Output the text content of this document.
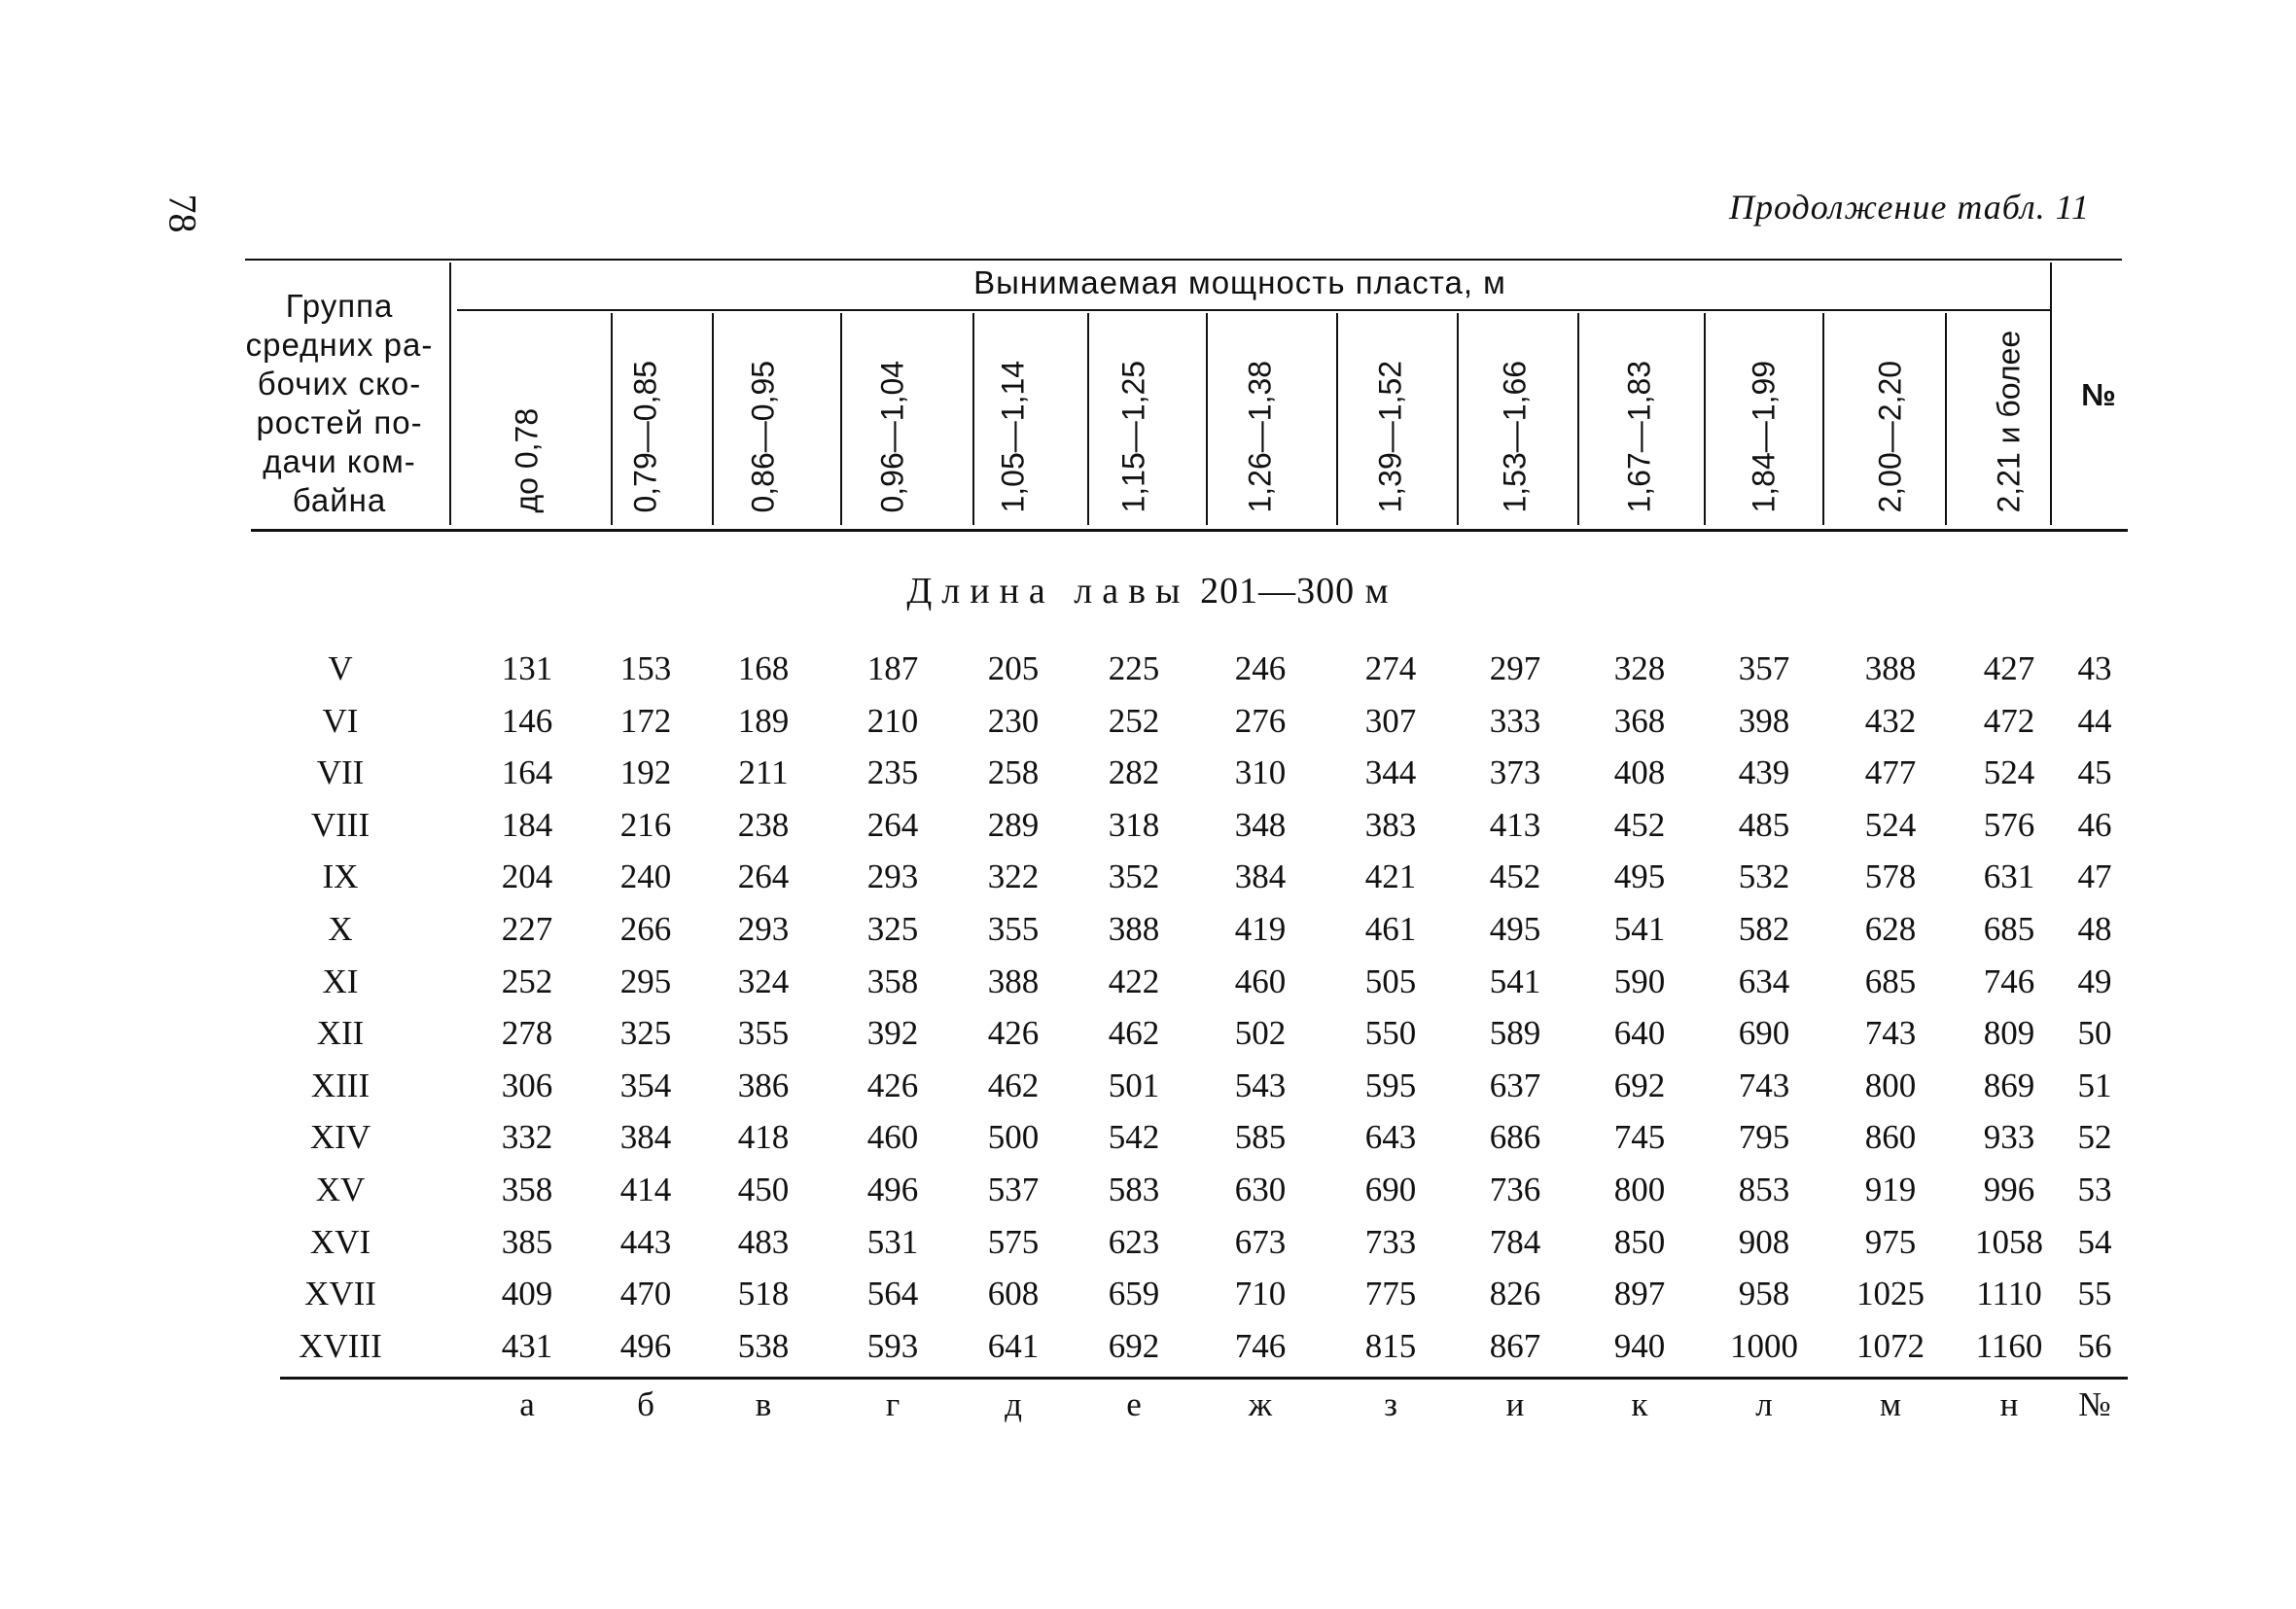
78	Продолжение табл. 11
Группа
средних ра-
бочих ско-
ростей по-
дачи ком-
байна
Вынимаемая мощность пласта, м
№
до 0,78	0,79—0,85	0,86—0,95	0,96—1,04	1,05—1,14	1,15—1,25	1,26—1,38	1,39—1,52	1,53—1,66	1,67—1,83	1,84—1,99	2,00—2,20	2,21 и более
Длина лавы 201—300 м
V	131	153	168	187	205	225	246	274	297	328	357	388	427	43
VI	146	172	189	210	230	252	276	307	333	368	398	432	472	44
VII	164	192	211	235	258	282	310	344	373	408	439	477	524	45
VIII	184	216	238	264	289	318	348	383	413	452	485	524	576	46
IX	204	240	264	293	322	352	384	421	452	495	532	578	631	47
X	227	266	293	325	355	388	419	461	495	541	582	628	685	48
XI	252	295	324	358	388	422	460	505	541	590	634	685	746	49
XII	278	325	355	392	426	462	502	550	589	640	690	743	809	50
XIII	306	354	386	426	462	501	543	595	637	692	743	800	869	51
XIV	332	384	418	460	500	542	585	643	686	745	795	860	933	52
XV	358	414	450	496	537	583	630	690	736	800	853	919	996	53
XVI	385	443	483	531	575	623	673	733	784	850	908	975	1058	54
XVII	409	470	518	564	608	659	710	775	826	897	958	1025	1110	55
XVIII	431	496	538	593	641	692	746	815	867	940	1000	1072	1160	56
а	б	в	г	д	е	ж	з	и	к	л	м	н	№
